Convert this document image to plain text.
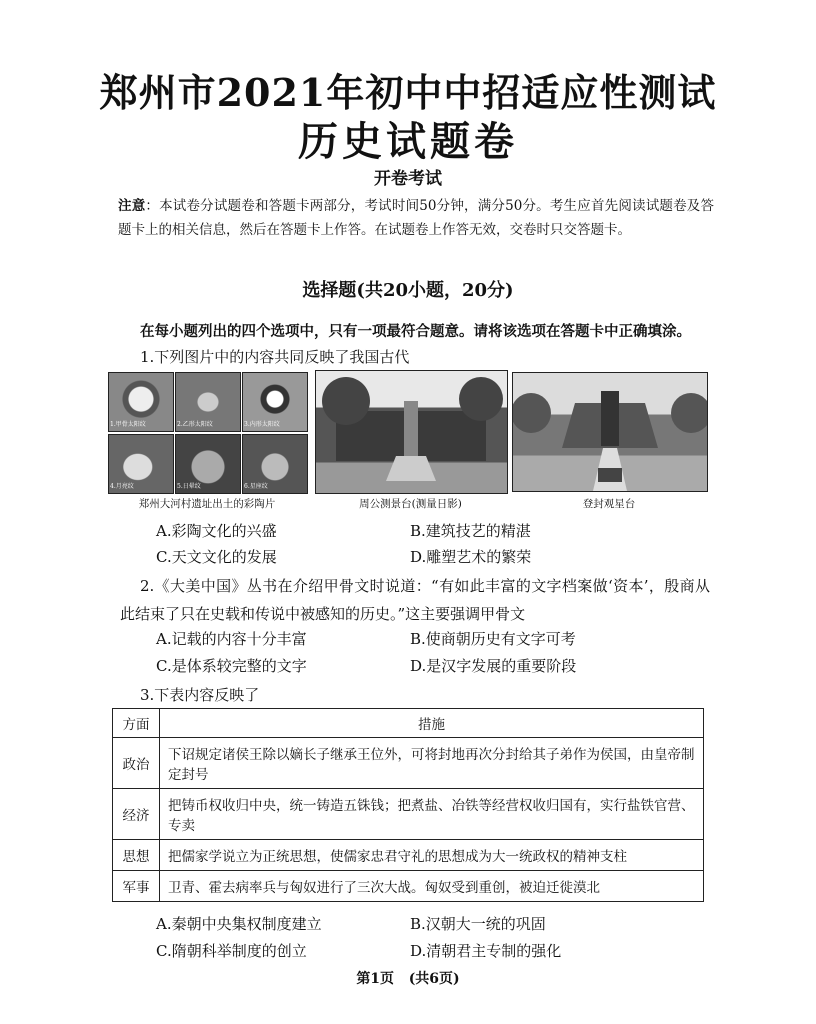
郑州市2021年初中中招适应性测试
历史试题卷
开卷考试
注意：本试卷分试题卷和答题卡两部分，考试时间50分钟，满分50分。考生应首先阅读试题卷及答题卡上的相关信息，然后在答题卡上作答。在试题卷上作答无效，交卷时只交答题卡。
选择题(共20小题，20分)
在每小题列出的四个选项中，只有一项最符合题意。请将该选项在答题卡中正确填涂。
1.下列图片中的内容共同反映了我国古代
1.甲骨太阳纹	2.乙形太阳纹	3.内形太阳纹
4.月亮纹	5.日晕纹	6.星座纹
郑州大河村遗址出土的彩陶片	周公测景台(测量日影)	登封观星台
A.彩陶文化的兴盛	B.建筑技艺的精湛
C.天文文化的发展	D.雕塑艺术的繁荣
2.《大美中国》丛书在介绍甲骨文时说道：“有如此丰富的文字档案做‘资本’，殷商从此结束了只在史载和传说中被感知的历史。”这主要强调甲骨文
A.记载的内容十分丰富	B.使商朝历史有文字可考
C.是体系较完整的文字	D.是汉字发展的重要阶段
3.下表内容反映了
方面	措施
政治	下诏规定诸侯王除以嫡长子继承王位外，可将封地再次分封给其子弟作为侯国，由皇帝制定封号
经济	把铸币权收归中央，统一铸造五铢钱；把煮盐、冶铁等经营权收归国有，实行盐铁官营、专卖
思想	把儒家学说立为正统思想，使儒家忠君守礼的思想成为大一统政权的精神支柱
军事	卫青、霍去病率兵与匈奴进行了三次大战。匈奴受到重创，被迫迁徙漠北
A.秦朝中央集权制度建立	B.汉朝大一统的巩固
C.隋朝科举制度的创立	D.清朝君主专制的强化
第1页 (共6页)
